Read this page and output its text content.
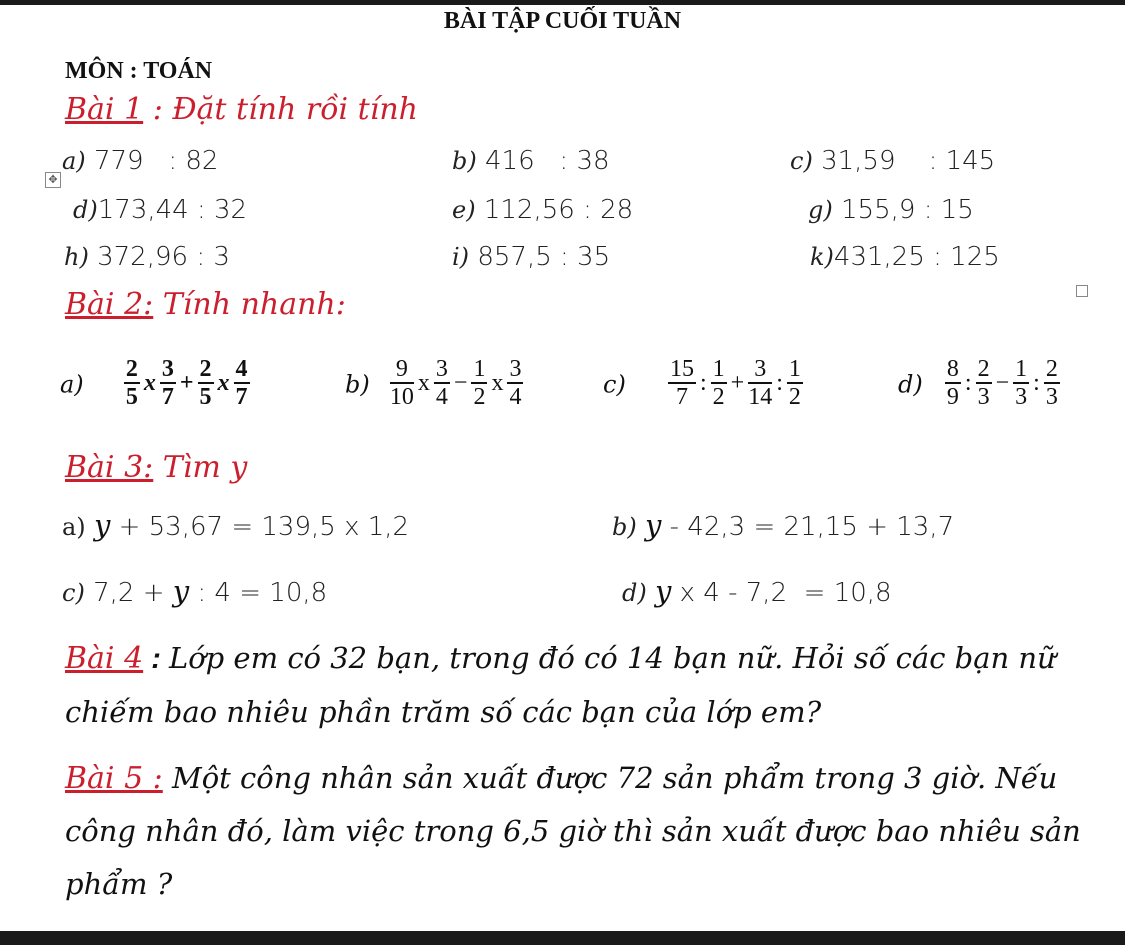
BÀI TẬP CUỐI TUẦN
MÔN : TOÁN
Bài 1 : Đặt tính rồi tính
✥
a) 779   : 82	b) 416   : 38	c) 31,59    : 145
d)173,44 : 32	e) 112,56 : 28	g) 155,9 : 15
h) 372,96 : 3	i) 857,5 : 35	k)431,25 : 125
Bài 2: Tính nhanh:
$a) \frac{2}{5}$ x $\frac{3}{7} + \frac{2}{5}$ x $\frac{4}{7}$	$b) \frac{9}{10}$ x $\frac{3}{4} - \frac{1}{2}$ x $\frac{3}{4}$	$c) \frac{15}{7}$ : $\frac{1}{2} + \frac{3}{14}$ : $\frac{1}{2}$	$d) \frac{8}{9}$ : $\frac{2}{3} - \frac{1}{3}$ : $\frac{2}{3}$
Bài 3: Tìm y
a) y + 53,67 = 139,5 x 1,2	b) y - 42,3 = 21,15 + 13,7
c) 7,2 + y : 4 = 10,8	d) y x 4 - 7,2  = 10,8
Bài 4 : Lớp em có 32 bạn, trong đó có 14 bạn nữ. Hỏi số các bạn nữ chiếm bao nhiêu phần trăm số các bạn của lớp em?
Bài 5 : Một công nhân sản xuất được 72 sản phẩm trong 3 giờ. Nếu công nhân đó, làm việc trong 6,5 giờ thì sản xuất được bao nhiêu sản phẩm ?
